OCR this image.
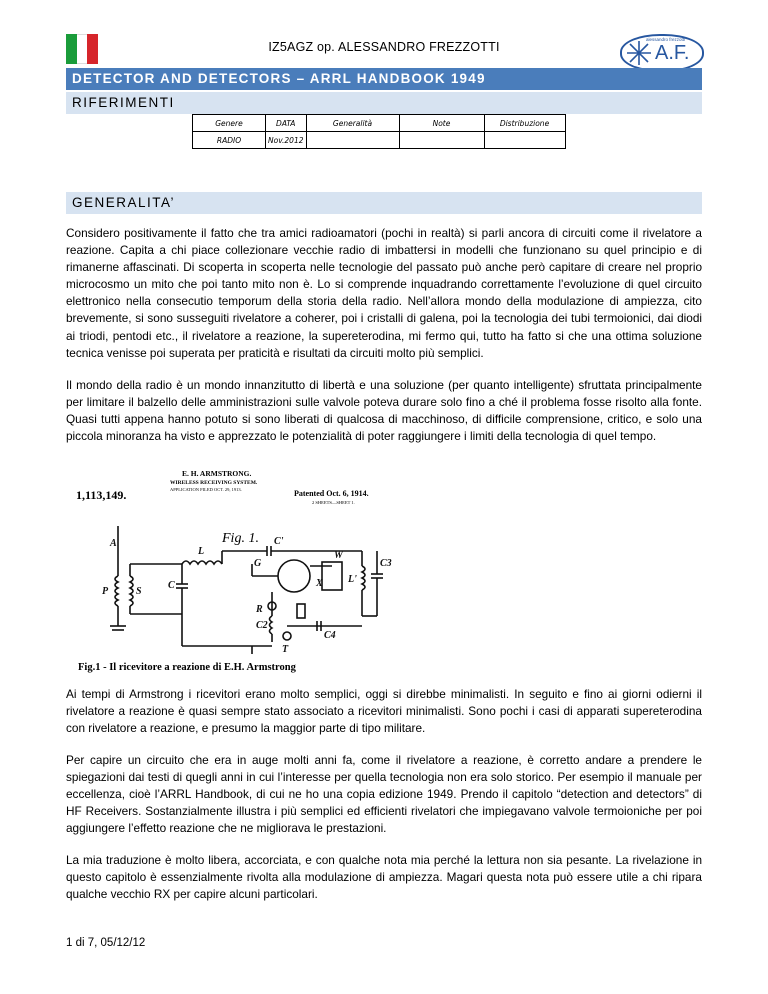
IZ5AGZ op. ALESSANDRO FREZZOTTI
alessandro frezzotti
A.F.
DETECTOR AND DETECTORS – ARRL HANDBOOK 1949
RIFERIMENTI
Genere	DATA	Generalità	Note	Distribuzione
RADIO	Nov.2012			
GENERALITA’
Considero positivamente il fatto che tra amici radioamatori (pochi in realtà) si parli ancora di circuiti come il rivelatore a reazione. Capita a chi piace collezionare vecchie radio di imbattersi in modelli che funzionano su quel principio e di rimanerne affascinati. Di scoperta in scoperta nelle tecnologie del passato può anche però capitare di creare nel proprio microcosmo un mito che poi tanto mito non è. Lo si comprende inquadrando correttamente l’evoluzione di quel circuito elettronico nella consecutio temporum della storia della radio. Nell’allora mondo della modulazione di ampiezza, cito brevemente, si sono susseguiti rivelatore a coherer, poi i cristalli di galena, poi la tecnologia dei tubi termoionici, dai diodi ai triodi, pentodi etc., il rivelatore a reazione, la supereterodina, mi fermo qui, tutto ha fatto si che una ottima soluzione tecnica venisse poi superata per praticità e risultati da circuiti molto più semplici.
Il mondo della radio è un mondo innanzitutto di libertà e una soluzione (per quanto intelligente) sfruttata principalmente per limitare il balzello delle amministrazioni sulle valvole poteva durare solo fino a ché il problema fosse risolto alla fonte. Quasi tutti appena hanno potuto si sono liberati di qualcosa di macchinoso, di difficile comprensione, critico, e solo una piccola minoranza ha visto e apprezzato le potenzialità di poter raggiungere i limiti della tecnologia di quel tempo.
E. H. ARMSTRONG.
WIRELESS RECEIVING SYSTEM.
APPLICATION FILED OCT. 29, 1913.
1,113,149.	Patented Oct. 6, 1914.
2 SHEETS—SHEET 1.
Fig. 1.
P	S
A
L
C'
C
G
W
X	L'
C3
R
C2
C4
T
Fig.1 - Il ricevitore a reazione di E.H. Armstrong
Ai tempi di Armstrong i ricevitori erano molto semplici, oggi si direbbe minimalisti. In seguito e fino ai giorni odierni il rivelatore a reazione è quasi sempre stato associato a ricevitori minimalisti. Sono pochi i casi di apparati supereterodina con rivelatore a reazione, e presumo la maggior parte di tipo militare.
Per capire un circuito che era in auge molti anni fa, come il rivelatore a reazione, è corretto andare a prendere le spiegazioni dai testi di quegli anni in cui l’interesse per quella tecnologia non era solo storico. Per esempio il manuale per eccellenza, cioè l’ARRL Handbook, di cui ne ho una copia edizione 1949. Prendo il capitolo “detection and detectors” di HF Receivers. Sostanzialmente illustra i più semplici ed efficienti rivelatori che impiegavano valvole termoioniche per poi aggiungere l’effetto reazione che ne migliorava le prestazioni.
La mia traduzione è molto libera, accorciata, e con qualche nota mia perché la lettura non sia pesante. La rivelazione in questo capitolo è essenzialmente rivolta alla modulazione di ampiezza. Magari questa nota può essere utile a chi ripara qualche vecchio RX per capire alcuni particolari.
1 di 7, 05/12/12
